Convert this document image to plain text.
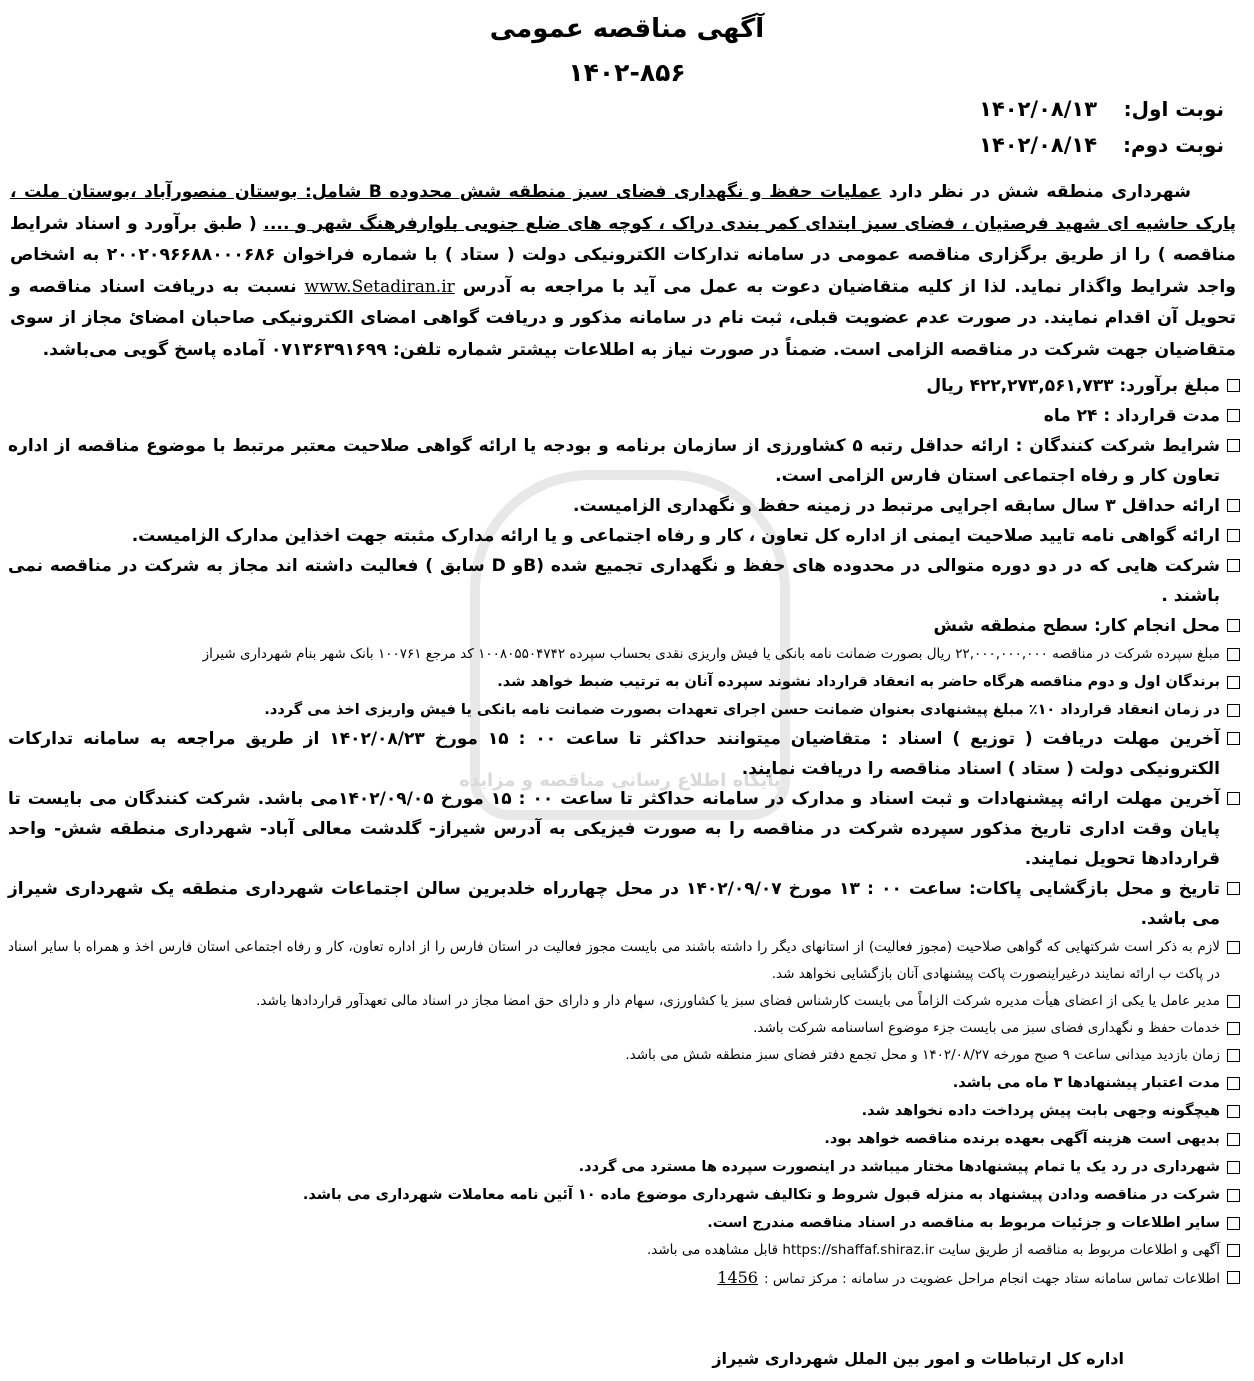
پایگاه اطلاع رسانی مناقصه و مزایده
آگهی مناقصه عمومی
۱۴۰۲-۸۵۶
نوبت اول: ۱۴۰۲/۰۸/۱۳
نوبت دوم: ۱۴۰۲/۰۸/۱۴
شهرداری منطقه شش در نظر دارد عملیات حفظ و نگهداری فضای سبز منطقه شش محدوده B شامل: بوستان منصورآباد ،بوستان ملت ، پارک حاشیه ای شهید فرصتیان ، فضای سبز ابتدای کمر بندی دراک ، کوچه های ضلع جنوبی بلوارفرهنگ شهر و .... ( طبق برآورد و اسناد شرایط مناقصه ) را از طریق برگزاری مناقصه عمومی در سامانه تدارکات الکترونیکی دولت ( ستاد ) با شماره فراخوان ۲۰۰۲۰۹۶۶۸۸۰۰۰۶۸۶ به اشخاص واجد شرایط واگذار نماید. لذا از کلیه متقاضیان دعوت به عمل می آید با مراجعه به آدرس www.Setadiran.ir نسبت به دریافت اسناد مناقصه و تحویل آن اقدام نمایند. در صورت عدم عضویت قبلی، ثبت نام در سامانه مذکور و دریافت گواهی امضای الکترونیکی صاحبان امضائ مجاز از سوی متقاضیان جهت شرکت در مناقصه الزامی است. ضمناً در صورت نیاز به اطلاعات بیشتر شماره تلفن: ۰۷۱۳۶۳۹۱۶۹۹ آماده پاسخ گویی می‌باشد.
مبلغ برآورد: ۴۲۲,۲۷۳,۵۶۱,۷۳۳ ریال
مدت قرارداد : ۲۴ ماه
شرایط شرکت کنندگان : ارائه حداقل رتبه ۵ کشاورزی از سازمان برنامه و بودجه یا ارائه گواهی صلاحیت معتبر مرتبط با موضوع مناقصه از اداره تعاون کار و رفاه اجتماعی استان فارس الزامی است.
ارائه حداقل ۳ سال سابقه اجرایی مرتبط در زمینه حفظ و نگهداری الزامیست.
ارائه گواهی نامه تایید صلاحیت ایمنی از اداره کل تعاون ، کار و رفاه اجتماعی و یا ارائه مدارک مثبته جهت اخذاین مدارک الزامیست.
شرکت هایی که در دو دوره متوالی در محدوده های حفظ و نگهداری تجمیع شده (Bو D سابق ) فعالیت داشته اند مجاز به شرکت در مناقصه نمی باشند .
محل انجام کار: سطح منطقه شش
مبلغ سپرده شرکت در مناقصه ۲۲,۰۰۰,۰۰۰,۰۰۰ ریال بصورت ضمانت نامه بانکی یا فیش واریزی نقدی بحساب سپرده ۱۰۰۸۰۵۵۰۴۷۴۲ کد مرجع ۱۰۰۷۶۱ بانک شهر بنام شهرداری شیراز
برندگان اول و دوم مناقصه هرگاه حاضر به انعقاد قرارداد نشوند سپرده آنان به ترتیب ضبط خواهد شد.
در زمان انعقاد قرارداد ۱۰٪ مبلغ پیشنهادی بعنوان ضمانت حسن اجرای تعهدات بصورت ضمانت نامه بانکی یا فیش واریزی اخذ می گردد.
آخرین مهلت دریافت ( توزیع ) اسناد : متقاضیان میتوانند حداکثر تا ساعت ۰۰ : ۱۵ مورخ ۱۴۰۲/۰۸/۲۳ از طریق مراجعه به سامانه تدارکات الکترونیکی دولت ( ستاد ) اسناد مناقصه را دریافت نمایند.
آخرین مهلت ارائه پیشنهادات و ثبت اسناد و مدارک در سامانه حداکثر تا ساعت ۰۰ : ۱۵ مورخ ۱۴۰۲/۰۹/۰۵می باشد. شرکت کنندگان می بایست تا پایان وقت اداری تاریخ مذکور سپرده شرکت در مناقصه را به صورت فیزیکی به آدرس شیراز- گلدشت معالی آباد- شهرداری منطقه شش- واحد قراردادها تحویل نمایند.
تاریخ و محل بازگشایی پاکات: ساعت ۰۰ : ۱۳ مورخ ۱۴۰۲/۰۹/۰۷ در محل چهارراه خلدبرین سالن اجتماعات شهرداری منطقه یک شهرداری شیراز می باشد.
لازم به ذکر است شرکتهایی که گواهی صلاحیت (مجوز فعالیت) از استانهای دیگر را داشته باشند می بایست مجوز فعالیت در استان فارس را از اداره تعاون، کار و رفاه اجتماعی استان فارس اخذ و همراه با سایر اسناد در پاکت ب ارائه نمایند درغیراینصورت پاکت پیشنهادی آنان بازگشایی نخواهد شد.
مدیر عامل یا یکی از اعضای هیأت مدیره شرکت الزاماً می بایست کارشناس فضای سبز یا کشاورزی، سهام دار و دارای حق امضا مجاز در اسناد مالی تعهدآور قراردادها باشد.
خدمات حفظ و نگهداری فضای سبز می بایست جزء موضوع اساسنامه شرکت باشد.
زمان بازدید میدانی ساعت ۹ صبح مورخه ۱۴۰۲/۰۸/۲۷ و محل تجمع دفتر فضای سبز منطقه شش می باشد.
مدت اعتبار پیشنهادها ۳ ماه می باشد.
هیچگونه وجهی بابت پیش پرداخت داده نخواهد شد.
بدیهی است هزینه آگهی بعهده برنده مناقصه خواهد بود.
شهرداری در رد یک یا تمام پیشنهادها مختار میباشد در اینصورت سپرده ها مسترد می گردد.
شرکت در مناقصه ودادن پیشنهاد به منزله قبول شروط و تکالیف شهرداری موضوع ماده ۱۰ آئین نامه معاملات شهرداری می باشد.
سایر اطلاعات و جزئیات مربوط به مناقصه در اسناد مناقصه مندرج است.
آگهی و اطلاعات مربوط به مناقصه از طریق سایت https://shaffaf.shiraz.ir قابل مشاهده می باشد.
اطلاعات تماس سامانه ستاد جهت انجام مراحل عضویت در سامانه : مرکز تماس :1456
اداره کل ارتباطات و امور بین الملل شهرداری شیراز
